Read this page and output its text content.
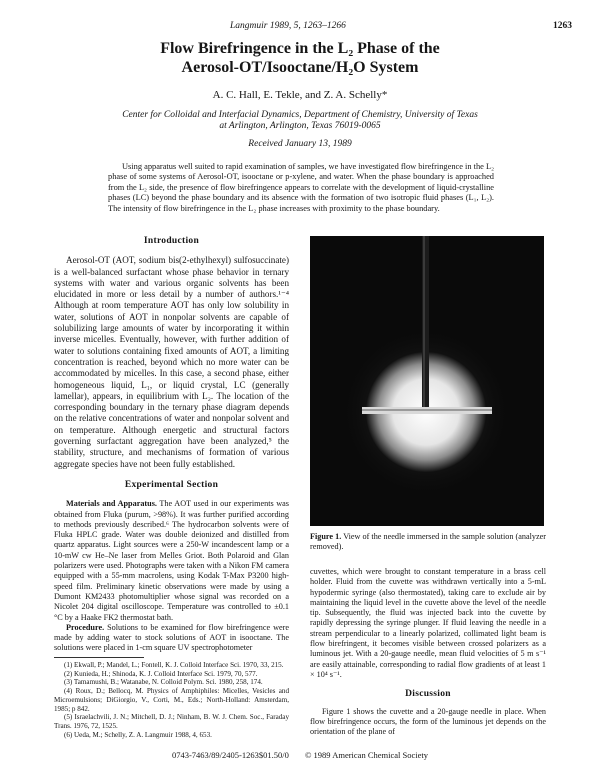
Langmuir 1989, 5, 1263–1266	1263
Flow Birefringence in the L₂ Phase of the
Aerosol-OT/Isooctane/H₂O System
A. C. Hall, E. Tekle, and Z. A. Schelly*
Center for Colloidal and Interfacial Dynamics, Department of Chemistry, University of Texas
at Arlington, Arlington, Texas 76019-0065
Received January 13, 1989

Using apparatus well suited to rapid examination of samples, we have investigated flow birefringence in the L₂ phase of some systems of Aerosol-OT, isooctane or p-xylene, and water. When the phase boundary is approached from the L₂ side, the presence of flow birefringence appears to correlate with the development of liquid-crystalline phases (LC) beyond the phase boundary and its absence with the formation of two isotropic fluid phases (L₁, L₂). The intensity of flow birefringence in the L₂ phase increases with proximity to the phase boundary.

Introduction

Aerosol-OT (AOT, sodium bis(2-ethylhexyl) sulfosuccinate) is a well-balanced surfactant whose phase behavior in ternary systems with water and various organic solvents has been elucidated in more or less detail by a number of authors.¹⁻⁴ Although at room temperature AOT has only low solubility in water, solutions of AOT in nonpolar solvents are capable of solubilizing large amounts of water by incorporating it within inverse micelles. Eventually, however, with further addition of water to solutions containing fixed amounts of AOT, a limiting concentration is reached, beyond which no more water can be accommodated by micelles. In this case, a second phase, either homogeneous liquid, L₁, or liquid crystal, LC (generally lamellar), appears, in equilibrium with L₂. The location of the corresponding boundary in the ternary phase diagram depends on the relative concentrations of water and nonpolar solvent and on temperature. Although energetic and structural factors governing surfactant aggregation have been analyzed,⁵ the stability, structure, and mechanisms of formation of various aggregate species have not been fully established.

Experimental Section

Materials and Apparatus. The AOT used in our experiments was obtained from Fluka (purum, >98%). It was further purified according to methods previously described.⁶ The hydrocarbon solvents were of Fluka HPLC grade. Water was double deionized and distilled from quartz apparatus. Light sources were a 250-W incandescent lamp or a 10-mW cw He–Ne laser from Melles Griot. Both Polaroid and Glan polarizers were used. Photographs were taken with a Nikon FM camera equipped with a 55-mm macrolens, using Kodak T-Max P3200 high-speed film. Preliminary kinetic observations were made by using a Dumont KM2433 photomultiplier whose signal was recorded on a Nicolet 204 digital oscilloscope. Temperature was controlled to ±0.1 °C by a Haake FK2 thermostat bath.

Procedure. Solutions to be examined for flow birefringence were made by adding water to stock solutions of AOT in isooctane. The solutions were placed in 1-cm square UV spectrophotometer

(1) Ekwall, P.; Mandel, L.; Fontell, K. J. Colloid Interface Sci. 1970, 33, 215.

(2) Kunieda, H.; Shinoda, K. J. Colloid Interface Sci. 1979, 70, 577.

(3) Tamamushi, B.; Watanabe, N. Colloid Polym. Sci. 1980, 258, 174.

(4) Roux, D.; Bellocq, M. Physics of Amphiphiles: Micelles, Vesicles and Microemulsions; DiGiorgio, V., Corti, M., Eds.; North-Holland: Amsterdam, 1985; p 842.

(5) Israelachvili, J. N.; Mitchell, D. J.; Ninham, B. W. J. Chem. Soc., Faraday Trans. 1976, 72, 1525.

(6) Ueda, M.; Schelly, Z. A. Langmuir 1988, 4, 653.

Figure 1. View of the needle immersed in the sample solution (analyzer removed).

cuvettes, which were brought to constant temperature in a brass cell holder. Fluid from the cuvette was withdrawn vertically into a 5-mL hypodermic syringe (also thermostated), taking care to exclude air by maintaining the liquid level in the cuvette above the level of the needle tip. Subsequently, the fluid was injected back into the cuvette by rapidly depressing the syringe plunger. If fluid leaving the needle in a stream perpendicular to a linearly polarized, collimated light beam is flow birefringent, it becomes visible between crossed polarizers as a luminous jet. With a 20-gauge needle, mean fluid velocities of 5 m s⁻¹ are easily attainable, corresponding to radial flow gradients of at least 1 × 10⁴ s⁻¹.

Discussion

Figure 1 shows the cuvette and a 20-gauge needle in place. When flow birefringence occurs, the form of the luminous jet depends on the orientation of the plane of

0743-7463/89/2405-1263$01.50/0 © 1989 American Chemical Society
